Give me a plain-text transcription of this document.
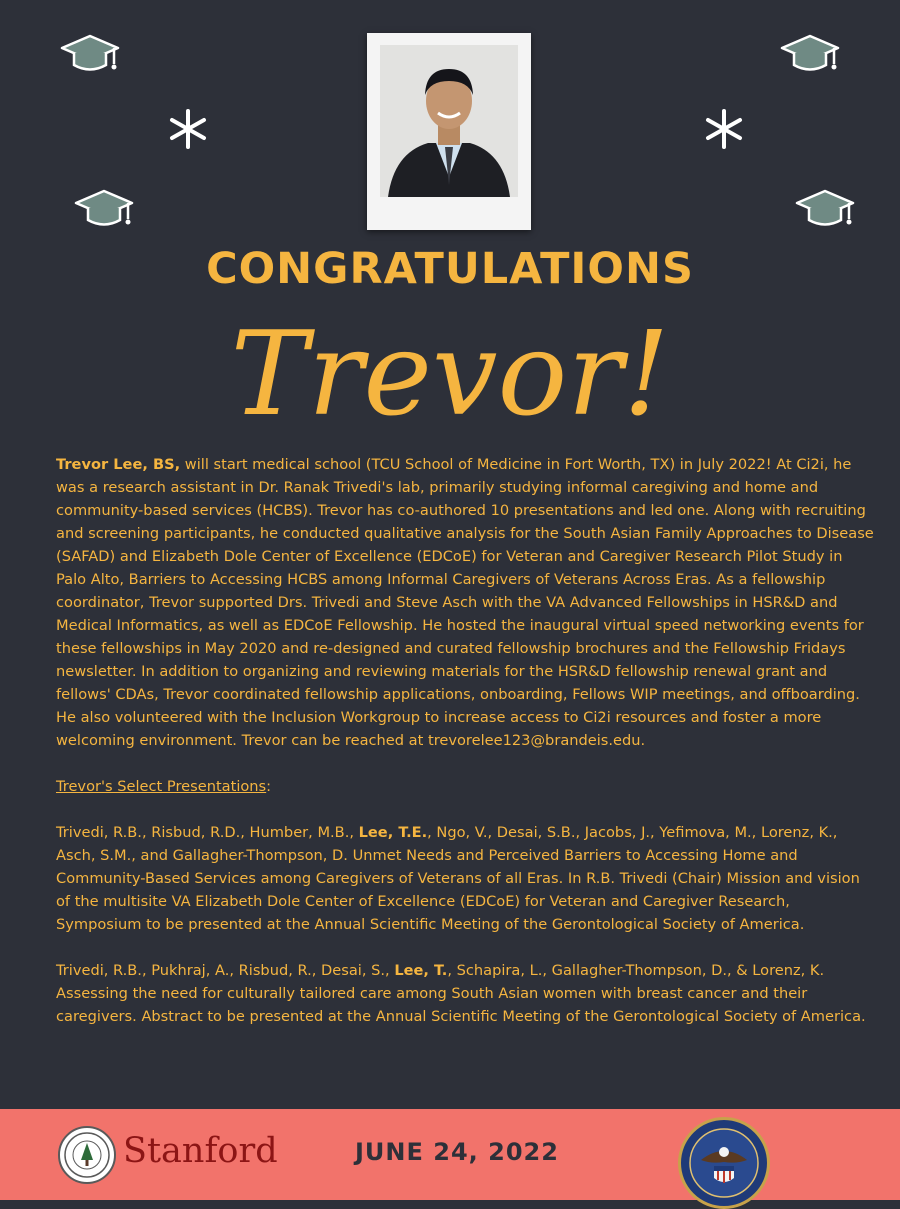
CONGRATULATIONS
Trevor!

Trevor Lee, BS, will start medical school (TCU School of Medicine in Fort Worth, TX) in July 2022! At Ci2i, he was a research assistant in Dr. Ranak Trivedi's lab, primarily studying informal caregiving and home and community-based services (HCBS). Trevor has co-authored 10 presentations and led one. Along with recruiting and screening participants, he conducted qualitative analysis for the South Asian Family Approaches to Disease (SAFAD) and Elizabeth Dole Center of Excellence (EDCoE) for Veteran and Caregiver Research Pilot Study in Palo Alto, Barriers to Accessing HCBS among Informal Caregivers of Veterans Across Eras. As a fellowship coordinator, Trevor supported Drs. Trivedi and Steve Asch with the VA Advanced Fellowships in HSR&D and Medical Informatics, as well as EDCoE Fellowship. He hosted the inaugural virtual speed networking events for these fellowships in May 2020 and re-designed and curated fellowship brochures and the Fellowship Fridays newsletter. In addition to organizing and reviewing materials for the HSR&D fellowship renewal grant and fellows' CDAs, Trevor coordinated fellowship applications, onboarding, Fellows WIP meetings, and offboarding. He also volunteered with the Inclusion Workgroup to increase access to Ci2i resources and foster a more welcoming environment. Trevor can be reached at trevorelee123@brandeis.edu.

Trevor's Select Presentations:

Trivedi, R.B., Risbud, R.D., Humber, M.B., Lee, T.E., Ngo, V., Desai, S.B., Jacobs, J., Yefimova, M., Lorenz, K., Asch, S.M., and Gallagher-Thompson, D. Unmet Needs and Perceived Barriers to Accessing Home and Community-Based Services among Caregivers of Veterans of all Eras. In R.B. Trivedi (Chair) Mission and vision of the multisite VA Elizabeth Dole Center of Excellence (EDCoE) for Veteran and Caregiver Research, Symposium to be presented at the Annual Scientific Meeting of the Gerontological Society of America.

Trivedi, R.B., Pukhraj, A., Risbud, R., Desai, S., Lee, T., Schapira, L., Gallagher-Thompson, D., & Lorenz, K. Assessing the need for culturally tailored care among South Asian women with breast cancer and their caregivers. Abstract to be presented at the Annual Scientific Meeting of the Gerontological Society of America.

Stanford	JUNE 24, 2022
